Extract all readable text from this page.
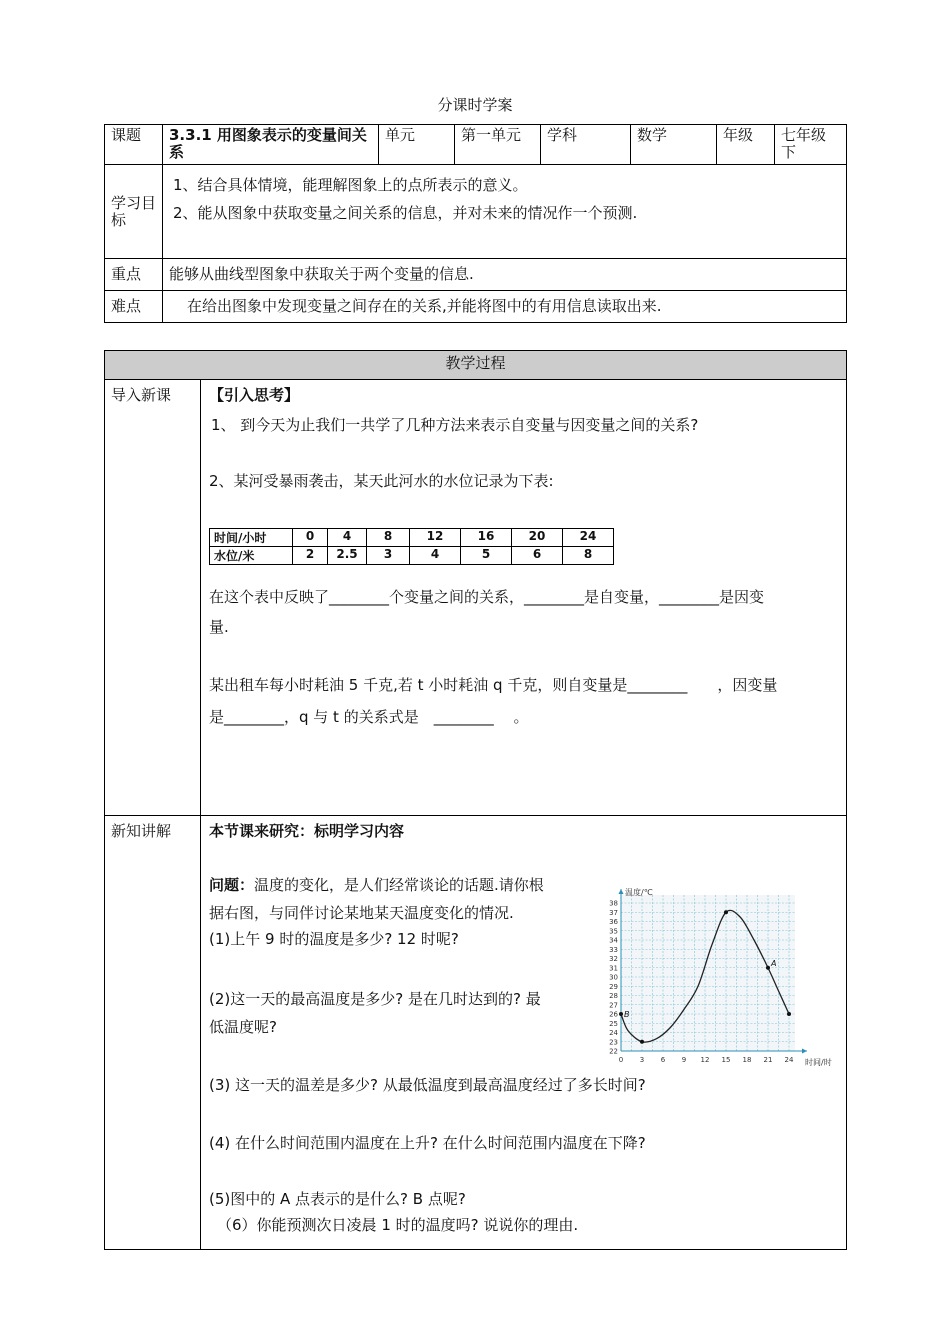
分课时学案
课题	3.3.1 用图象表示的变量间关系	单元	第一单元	学科	数学	年级	七年级下
学习目标	1、结合具体情境，能理解图象上的点所表示的意义。
2、能从图象中获取变量之间关系的信息，并对未来的情况作一个预测.						

重点	能够从曲线型图象中获取关于两个变量的信息.						
难点	在给出图象中发现变量之间存在的关系,并能将图中的有用信息读取出来.						
教学过程
导入新课	【引入思考】
1、 到今天为止我们一共学了几种方法来表示自变量与因变量之间的关系?
2、某河受暴雨袭击，某天此河水的水位记录为下表:
时间/小时	0	4	8	12	16	20	24
水位/米	2	2.5	3	4	5	6	8
在这个表中反映了________个变量之间的关系，________是自变量，________是因变
量.
某出租车每小时耗油 5 千克,若 t 小时耗油 q 千克，则自变量是________　　，因变量
是________，q 与 t 的关系式是　________　 。

新知讲解	本节课来研究：标明学习内容
问题：温度的变化，是人们经常谈论的话题.请你根
据右图，与同伴讨论某地某天温度变化的情况.
(1)上午 9 时的温度是多少? 12 时呢?
(2)这一天的最高温度是多少? 是在几时达到的? 最
低温度呢?
(3) 这一天的温差是多少? 从最低温度到最高温度经过了多长时间?
(4) 在什么时间范围内温度在上升? 在什么时间范围内温度在下降?
(5)图中的 A 点表示的是什么? B 点呢?
（6）你能预测次日凌晨 1 时的温度吗? 说说你的理由.
22
23
24
25
26
27
28
29
30
31
32
33
34
35
36
37
38
0 3 6 9 12 15 18 21 24
B
A
温度/℃
时间/时
